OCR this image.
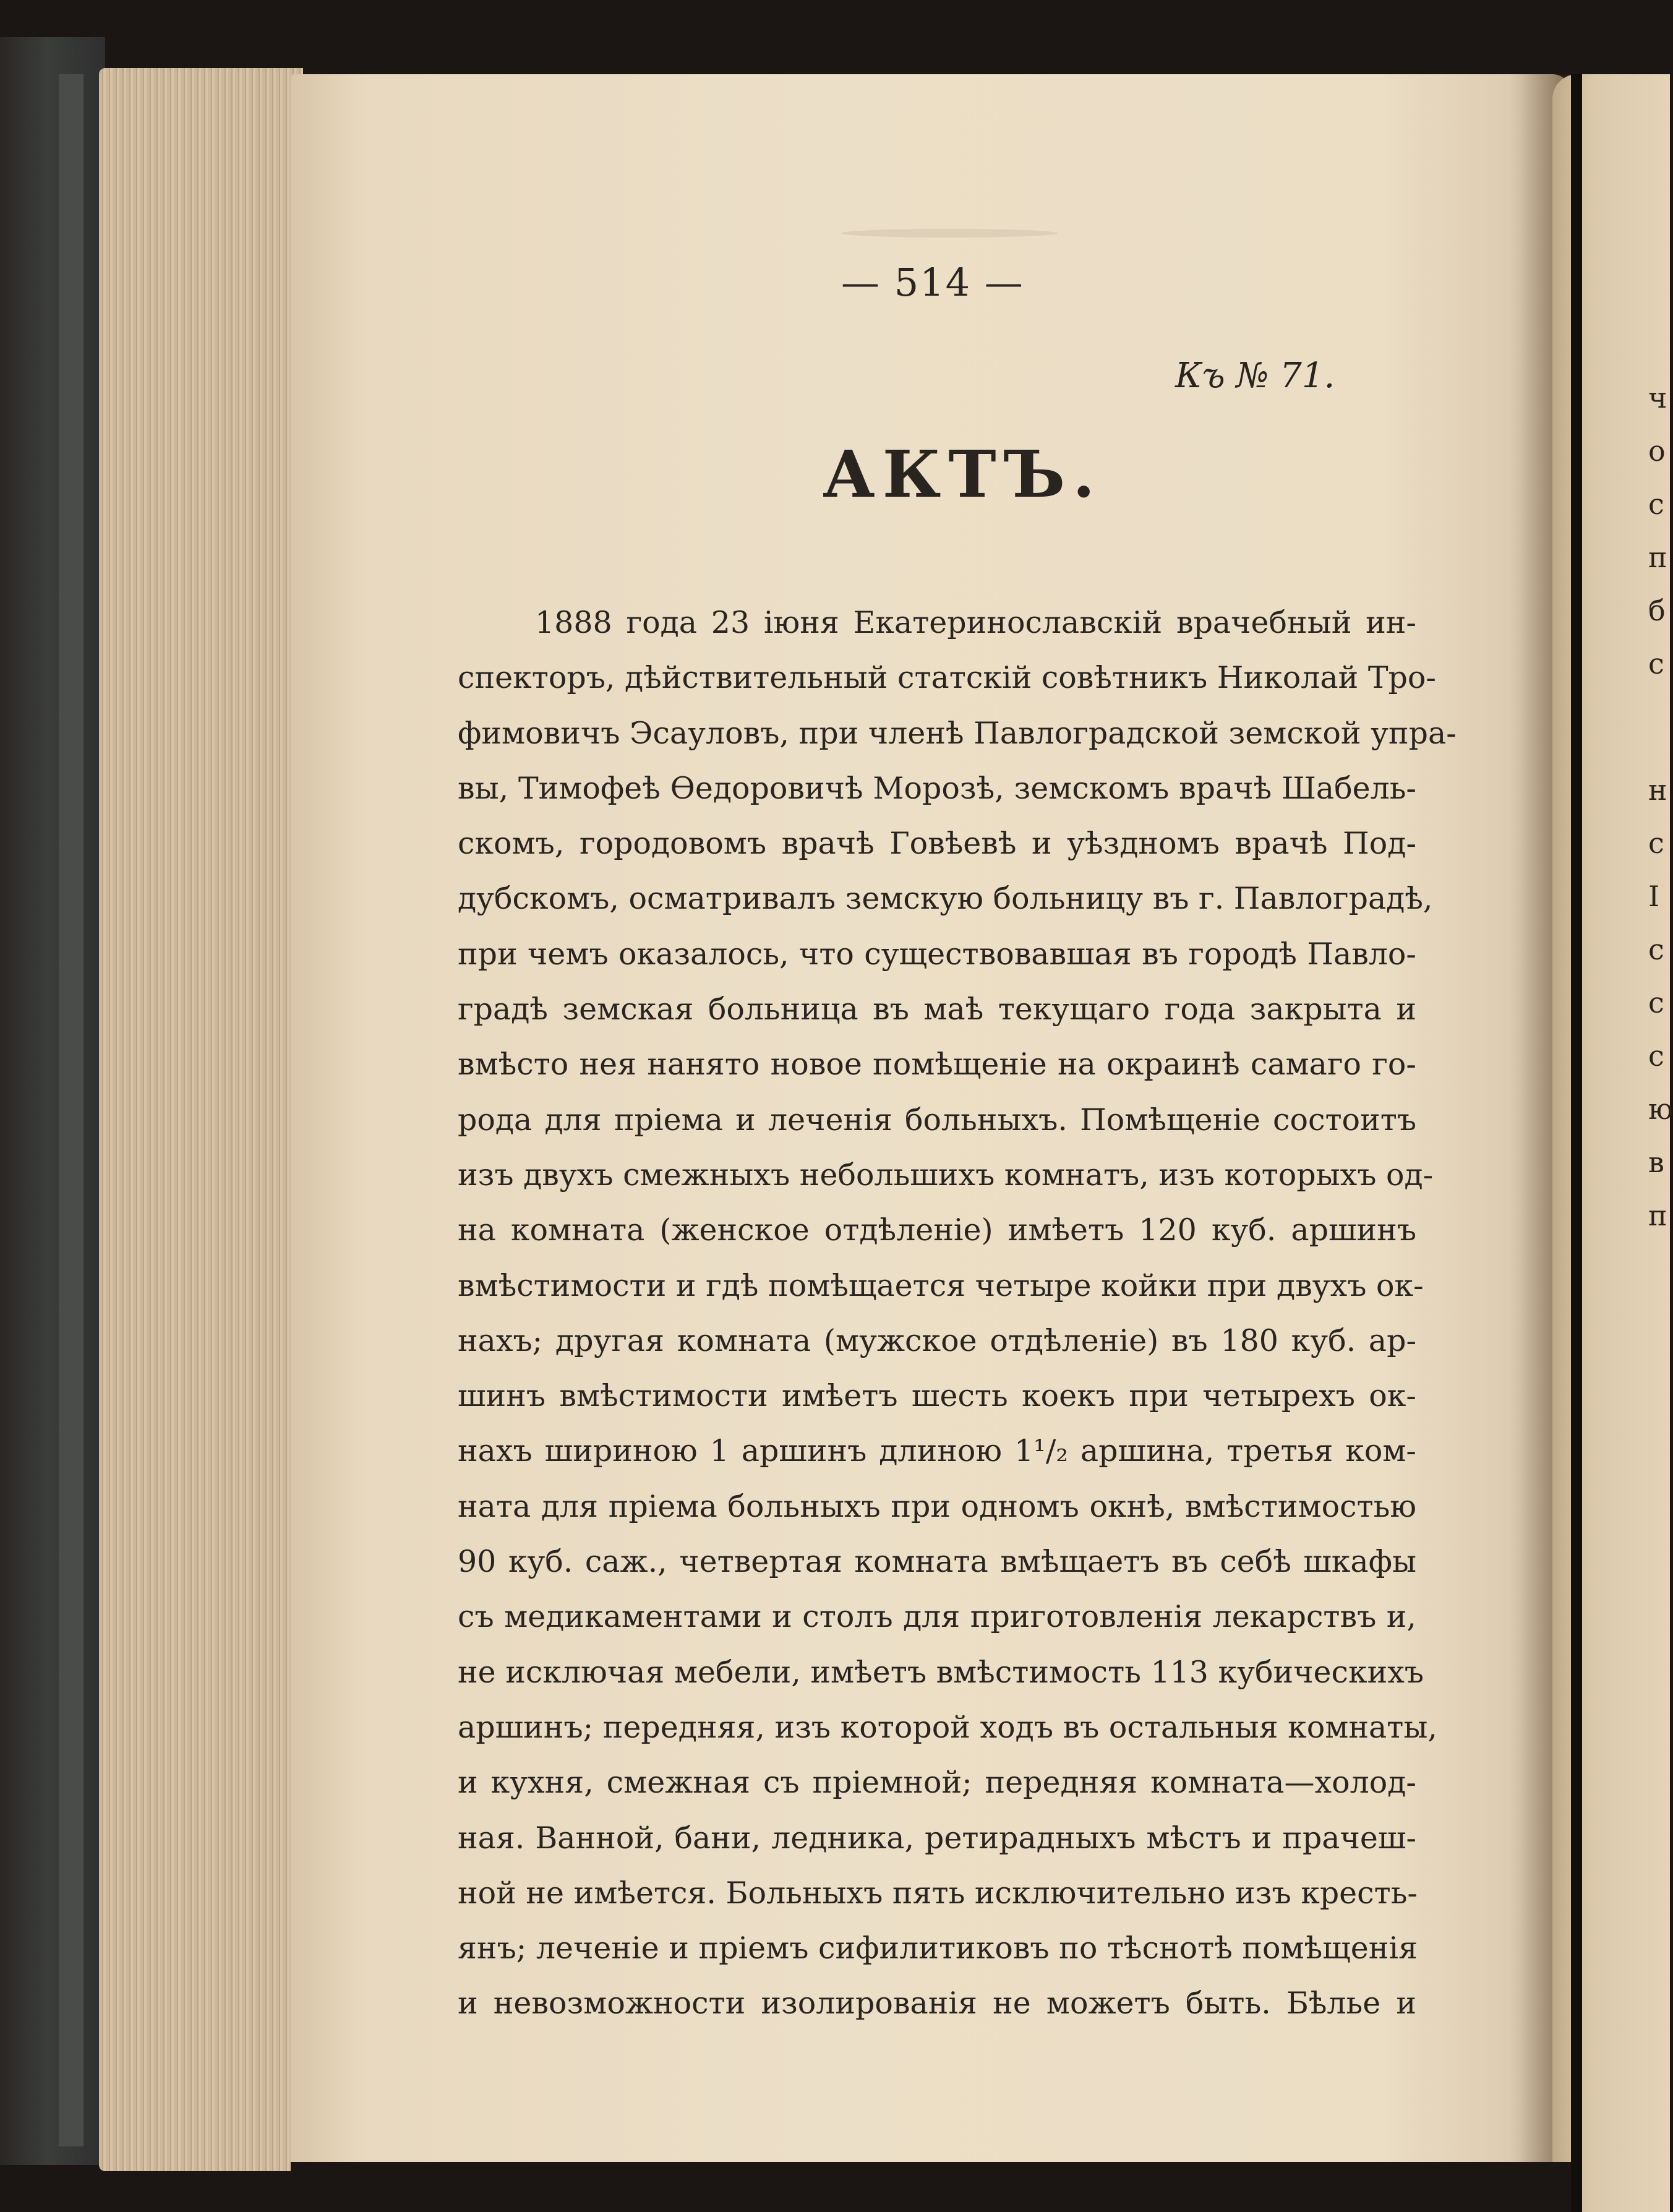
— 514 —
Къ № 71.
АКТЪ.
1888 года 23 іюня Екатеринославскій врачебный ин-
спекторъ, дѣйствительный статскій совѣтникъ Николай Тро-
фимовичъ Эсауловъ, при членѣ Павлоградской земской упра-
вы, Тимофеѣ Ѳедоровичѣ Морозѣ, земскомъ врачѣ Шабель-
скомъ, городовомъ врачѣ Говѣевѣ и уѣздномъ врачѣ Под-
дубскомъ, осматривалъ земскую больницу въ г. Павлоградѣ,
при чемъ оказалось, что существовавшая въ городѣ Павло-
градѣ земская больница въ маѣ текущаго года закрыта и
вмѣсто нея нанято новое помѣщеніе на окраинѣ самаго го-
рода для пріема и леченія больныхъ. Помѣщеніе состоитъ
изъ двухъ смежныхъ небольшихъ комнатъ, изъ которыхъ од-
на комната (женское отдѣленіе) имѣетъ 120 куб. аршинъ
вмѣстимости и гдѣ помѣщается четыре койки при двухъ ок-
нахъ; другая комната (мужское отдѣленіе) въ 180 куб. ар-
шинъ вмѣстимости имѣетъ шесть коекъ при четырехъ ок-
нахъ шириною 1 аршинъ длиною 1¹/₂ аршина, третья ком-
ната для пріема больныхъ при одномъ окнѣ, вмѣстимостью
90 куб. саж., четвертая комната вмѣщаетъ въ себѣ шкафы
съ медикаментами и столъ для приготовленія лекарствъ и,
не исключая мебели, имѣетъ вмѣстимость 113 кубическихъ
аршинъ; передняя, изъ которой ходъ въ остальныя комнаты,
и кухня, смежная съ пріемной; передняя комната—холод-
ная. Ванной, бани, ледника, ретирадныхъ мѣстъ и прачеш-
ной не имѣется. Больныхъ пять исключительно изъ кресть-
янъ; леченіе и пріемъ сифилитиковъ по тѣснотѣ помѣщенія
и невозможности изолированія не можетъ быть. Бѣлье и
ч
о
с
п
б
с
н
с
I
с
с
с
ю
в
п
